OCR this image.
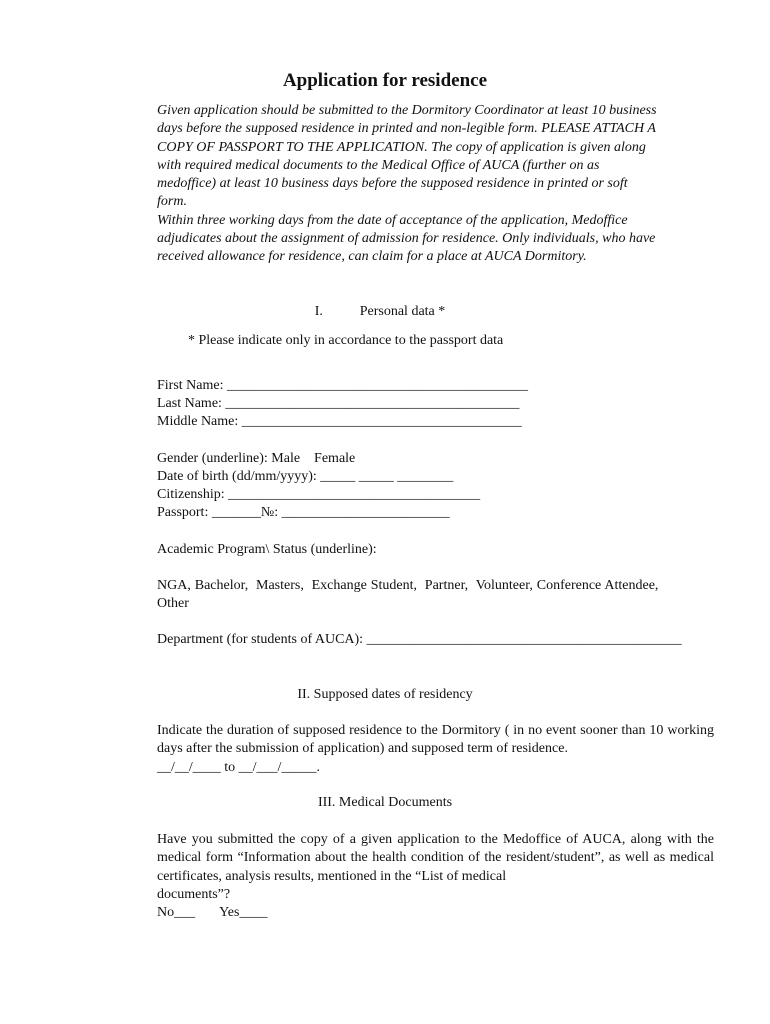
Application for residence
Given application should be submitted to the Dormitory Coordinator at least 10 business
days before the supposed residence in printed and non-legible form. PLEASE ATTACH A
COPY OF PASSPORT TO THE APPLICATION. The copy of application is given along
with required medical documents to the Medical Office of AUCA (further on as
medoffice) at least 10 business days before the supposed residence in printed or soft
form.
Within three working days from the date of acceptance of the application, Medoffice
adjudicates about the assignment of admission for residence. Only individuals, who have
received allowance for residence, can claim for a place at AUCA Dormitory.
I.	Personal data *
* Please indicate only in accordance to the passport data
First Name: ___________________________________________
Last Name: __________________________________________
Middle Name: ________________________________________
Gender (underline): Male    Female
Date of birth (dd/mm/yyyy): _____ _____ ________
Citizenship: ____________________________________
Passport: _______№: ________________________
Academic Program\ Status (underline):
NGA, Bachelor,  Masters,  Exchange Student,  Partner,  Volunteer, Conference Attendee,
Other
Department (for students of AUCA): _____________________________________________
II. Supposed dates of residency
Indicate the duration of supposed residence to the Dormitory ( in no event sooner than 10 working days after the submission of application) and supposed term of residence.
__/__/____ to __/___/_____.
III. Medical Documents
Have you submitted the copy of a given application to the Medoffice of AUCA, along with the medical form “Information about the health condition of the resident/student”, as well as medical certificates, analysis results, mentioned in the “List of medical
documents”?
No___       Yes____
